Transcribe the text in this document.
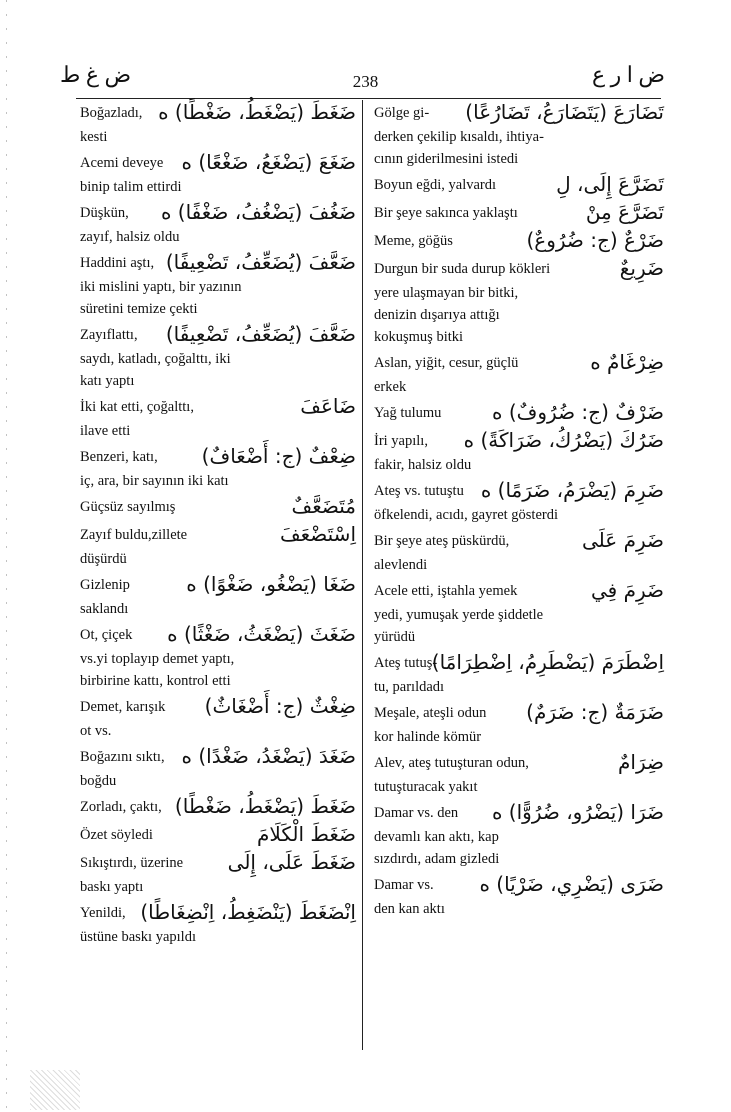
ض غ ط	238	ض ا ر ع
Boğazladı, ضَغَطَ (يَضْغَطُ، ضَغْطًا) ه
kesti
Acemi deveye ضَغَعَ (يَضْغَعُ، ضَغْعًا) ه
binip talim ettirdi
Düşkün, ضَغُفَ (يَضْغُفُ، ضَغْفًا) ه
zayıf, halsiz oldu
Haddini aştı, ضَعَّفَ (يُضَعِّفُ، تَضْعِيفًا)
iki mislini yaptı, bir yazının
süretini temize çekti
Zayıflattı, ضَعَّفَ (يُضَعِّفُ، تَضْعِيفًا)
saydı, katladı, çoğalttı, iki
katı yaptı
İki kat etti, çoğalttı,	ضَاعَفَ
ilave etti
Benzeri, katı, ضِعْفٌ (ج: أَضْعَافٌ)
iç, ara, bir sayının iki katı
Güçsüz sayılmış	مُتَضَعَّفٌ
Zayıf buldu,zillete	اِسْتَضْعَفَ
düşürdü
Gizlenip	ضَغَا (يَضْغُو، ضَغْوًا) ه
saklandı
Ot, çiçek ضَغَثَ (يَضْغَثُ، ضَغْثًا) ه
vs.yi toplayıp demet yaptı,
birbirine kattı, kontrol etti
Demet, karışık ضِغْثٌ (ج: أَضْغَاثٌ)
ot vs.
Boğazını sıktı, ضَغَدَ (يَضْغَدُ، ضَغْدًا) ه
boğdu
Zorladı, çaktı, ضَغَطَ (يَضْغَطُ، ضَغْطًا)
Özet söyledi	ضَغَطَ الْكَلَامَ
Sıkıştırdı, üzerine ضَغَطَ عَلَى، إِلَى
baskı yaptı
Yenildi, اِنْضَغَطَ (يَنْضَغِطُ، اِنْضِغَاطًا)
üstüne baskı yapıldı
Gölge gi- تَضَارَعَ (يَتَضَارَعُ، تَضَارُعًا)
derken çekilip kısaldı, ihtiya-
cının giderilmesini istedi
Boyun eğdi, yalvardı	تَضَرَّعَ إِلَى، لِ
Bir şeye sakınca yaklaştı	تَضَرَّعَ مِنْ
Meme, göğüs	ضَرْعٌ (ج: ضُرُوعٌ)
Durgun bir suda durup kökleri	ضَرِيعٌ
yere ulaşmayan bir bitki,
denizin dışarıya attığı
kokuşmuş bitki
Aslan, yiğit, cesur, güçlü	ضِرْغَامٌ ه
erkek
Yağ tulumu	ضَرْفٌ (ج: ضُرُوفٌ) ه
İri yapılı, ضَرُكَ (يَضْرُكُ، ضَرَاكَةً) ه
fakir, halsiz oldu
Ateş vs. tutuştu ضَرِمَ (يَضْرَمُ، ضَرَمًا) ه
öfkelendi, acıdı, gayret gösterdi
Bir şeye ateş püskürdü,	ضَرِمَ عَلَى
alevlendi
Acele etti, iştahla yemek	ضَرِمَ فِي
yedi, yumuşak yerde şiddetle
yürüdü
Ateş tutuş-
اِضْطَرَمَ (يَضْطَرِمُ، اِضْطِرَامًا)
tu, parıldadı
Meşale, ateşli odun ضَرَمَةٌ (ج: ضَرَمٌ)
kor halinde kömür
Alev, ateş tutuşturan odun,	ضِرَامٌ
tutuşturacak yakıt
Damar vs. den ضَرَا (يَضْرُو، ضُرُوًّا) ه
devamlı kan aktı, kap
sızdırdı, adam gizledi
Damar vs. ضَرَى (يَضْرِي، ضَرْيًا) ه
den kan aktı
